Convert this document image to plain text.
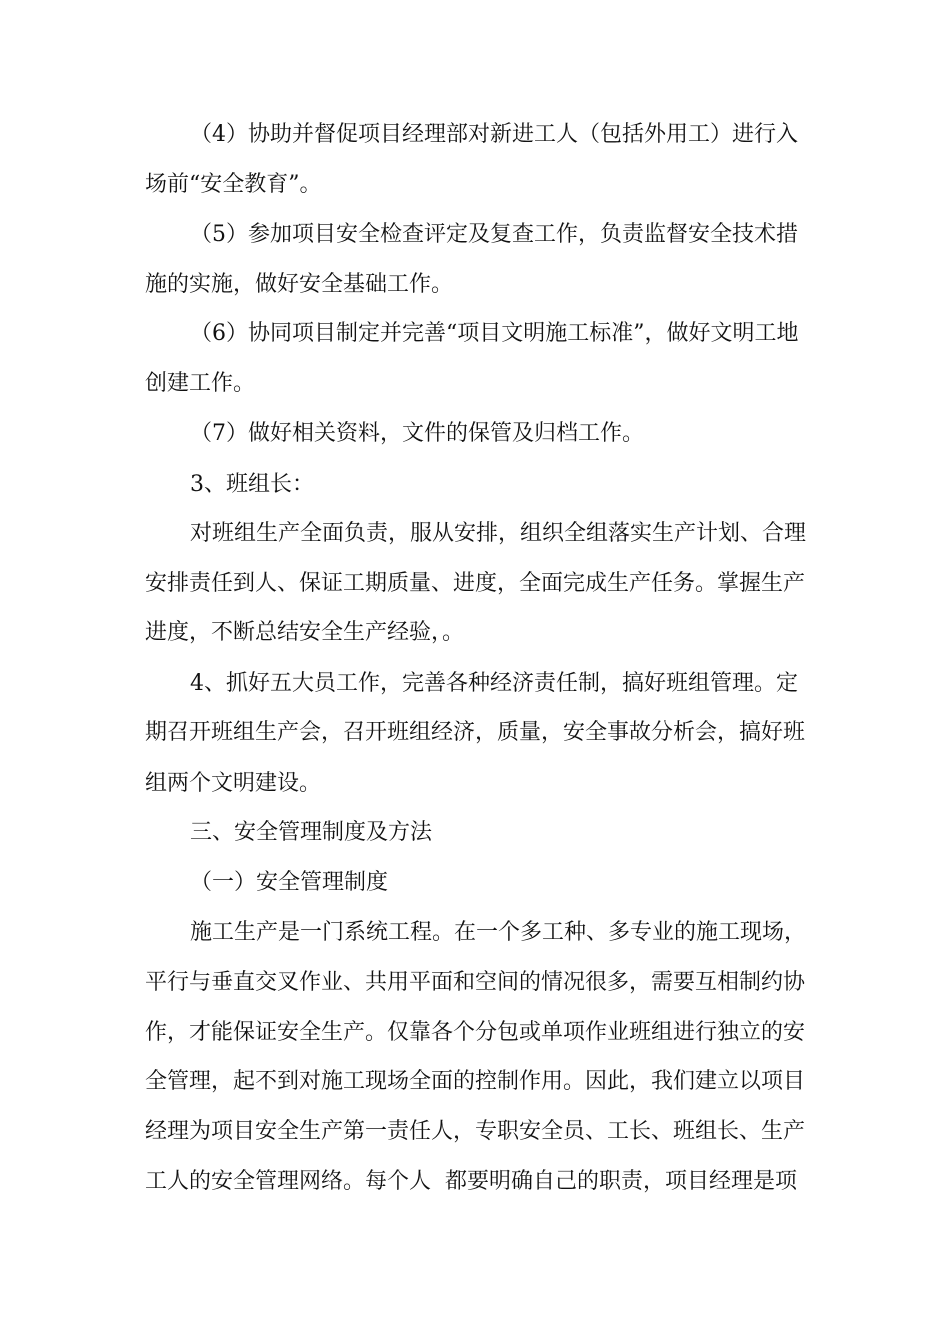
（4）协助并督促项目经理部对新进工人（包括外用工）进行入
场前“安全教育”。
（5）参加项目安全检查评定及复查工作，负责监督安全技术措
施的实施，做好安全基础工作。
（6）协同项目制定并完善“项目文明施工标准”，做好文明工地
创建工作。
（7）做好相关资料，文件的保管及归档工作。
3、班组长：
对班组生产全面负责，服从安排，组织全组落实生产计划、合理
安排责任到人、保证工期质量、进度，全面完成生产任务。掌握生产
进度，不断总结安全生产经验，。
4、抓好五大员工作，完善各种经济责任制，搞好班组管理。定
期召开班组生产会，召开班组经济，质量，安全事故分析会，搞好班
组两个文明建设。
三、安全管理制度及方法
（一）安全管理制度
施工生产是一门系统工程。在一个多工种、多专业的施工现场，
平行与垂直交叉作业、共用平面和空间的情况很多，需要互相制约协
作，才能保证安全生产。仅靠各个分包或单项作业班组进行独立的安
全管理，起不到对施工现场全面的控制作用。因此，我们建立以项目
经理为项目安全生产第一责任人，专职安全员、工长、班组长、生产
工人的安全管理网络。每个人  都要明确自己的职责，项目经理是项
